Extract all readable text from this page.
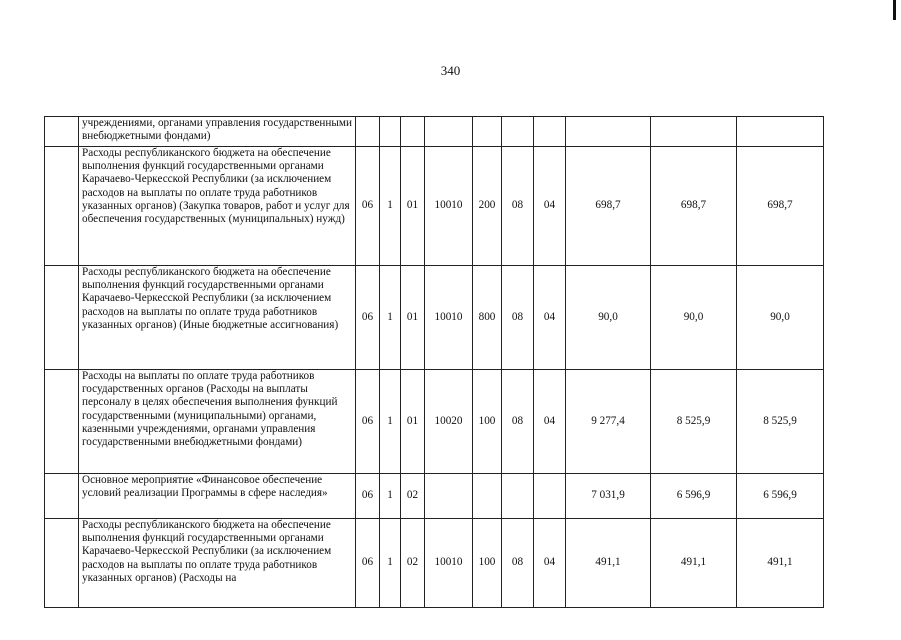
340
	учреждениями, органами управления государственными внебюджетными фондами)										
	Расходы республиканского бюджета на обеспечение выполнения функций государственными органами Карачаево-Черкесской Республики (за исключением расходов на выплаты по оплате труда работников указанных органов) (Закупка товаров, работ и услуг для обеспечения государственных (муниципальных) нужд)	06	1	01	10010	200	08	04	698,7	698,7	698,7
	Расходы республиканского бюджета на обеспечение выполнения функций государственными органами Карачаево-Черкесской Республики (за исключением расходов на выплаты по оплате труда работников указанных органов) (Иные бюджетные ассигнования)	06	1	01	10010	800	08	04	90,0	90,0	90,0
	Расходы на выплаты по оплате труда работников государственных органов (Расходы на выплаты персоналу в целях обеспечения выполнения функций государственными (муниципальными) органами, казенными учреждениями, органами управления государственными внебюджетными фондами)	06	1	01	10020	100	08	04	9 277,4	8 525,9	8 525,9
	Основное мероприятие «Финансовое обеспечение условий реализации Программы в сфере наследия»	06	1	02					7 031,9	6 596,9	6 596,9
	Расходы республиканского бюджета на обеспечение выполнения функций государственными органами Карачаево-Черкесской Республики (за исключением расходов на выплаты по оплате труда работников указанных органов) (Расходы на	06	1	02	10010	100	08	04	491,1	491,1	491,1
